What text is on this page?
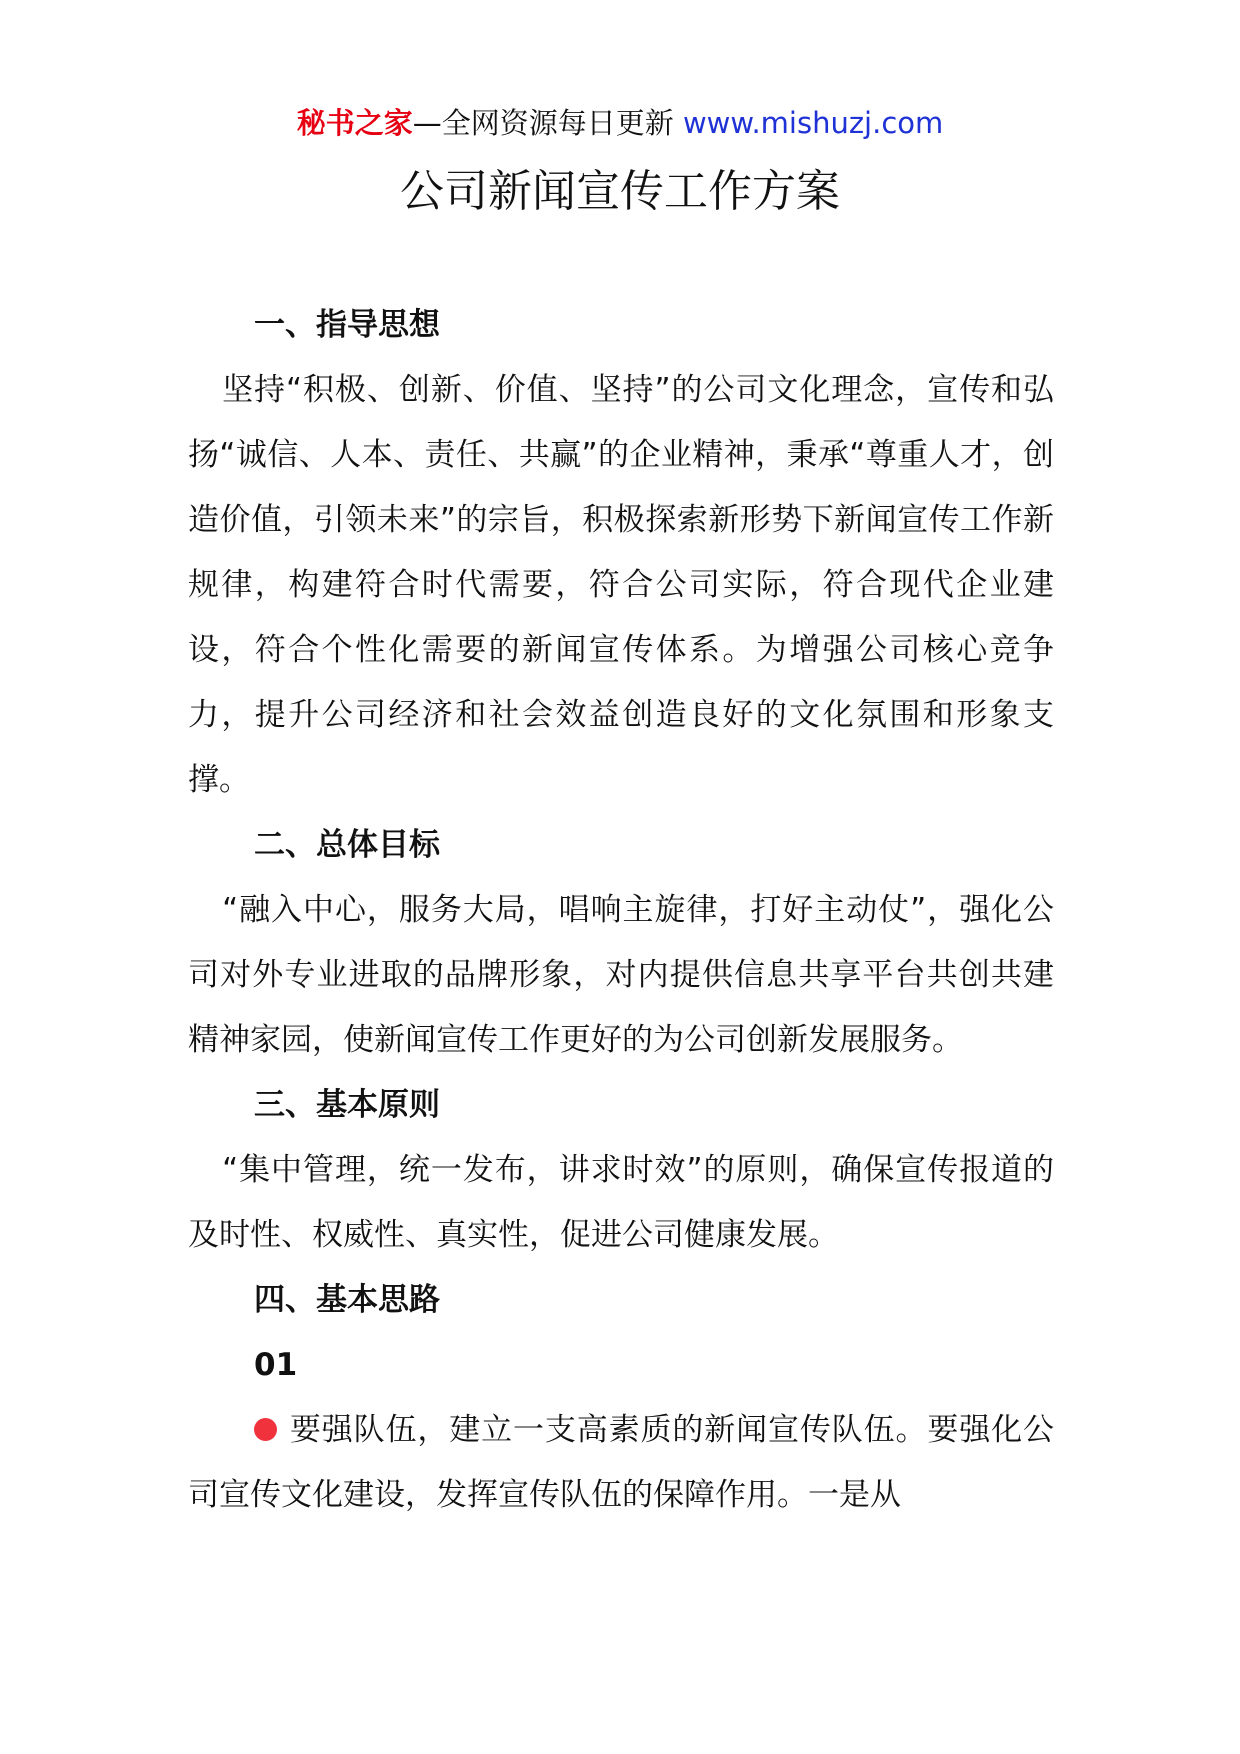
秘书之家—全网资源每日更新 www.mishuzj.com
公司新闻宣传工作方案
一、指导思想

坚持“积极、创新、价值、坚持”的公司文化理念，宣传和弘扬“诚信、人本、责任、共赢”的企业精神，秉承“尊重人才，创造价值，引领未来”的宗旨，积极探索新形势下新闻宣传工作新规律，构建符合时代需要，符合公司实际，符合现代企业建设，符合个性化需要的新闻宣传体系。为增强公司核心竞争力，提升公司经济和社会效益创造良好的文化氛围和形象支撑。

二、总体目标

“融入中心，服务大局，唱响主旋律，打好主动仗”，强化公司对外专业进取的品牌形象，对内提供信息共享平台共创共建精神家园，使新闻宣传工作更好的为公司创新发展服务。

三、基本原则

“集中管理，统一发布，讲求时效”的原则，确保宣传报道的及时性、权威性、真实性，促进公司健康发展。

四、基本思路
01

要强队伍，建立一支高素质的新闻宣传队伍。要强化公司宣传文化建设，发挥宣传队伍的保障作用。一是从
